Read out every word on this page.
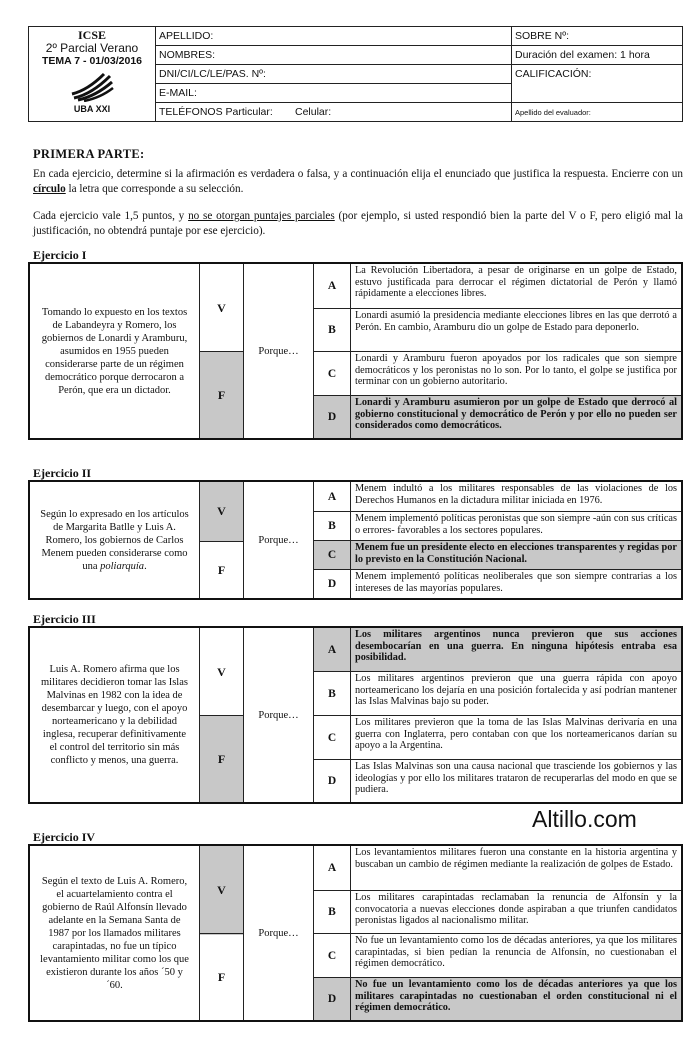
ICSE
2º Parcial Verano
TEMA 7 - 01/03/2016
UBA XXI	APELLIDO:		SOBRE Nº:
	NOMBRES:		Duración del examen: 1 hora
	DNI/CI/LC/LE/PAS. Nº:		CALIFICACIÓN:
	E-MAIL:		
	TELÉFONOS Particular:	Celular:	Apellido del evaluador:
PRIMERA PARTE:
En cada ejercicio, determine si la afirmación es verdadera o falsa, y a continuación elija el enunciado que justifica la respuesta. Encierre con un círculo la letra que corresponde a su selección.
Cada ejercicio vale 1,5 puntos, y no se otorgan puntajes parciales (por ejemplo, si usted respondió bien la parte del V o F, pero eligió mal la justificación, no obtendrá puntaje por ese ejercicio).
Ejercicio I
Tomando lo expuesto en los textos de Labandeyra y Romero, los gobiernos de Lonardi y Aramburu, asumidos en 1955 pueden considerarse parte de un régimen democrático porque derrocaron a Perón, que era un dictador.
V
F
Porque…
A
La Revolución Libertadora, a pesar de originarse en un golpe de Estado, estuvo justificada para derrocar el régimen dictatorial de Perón y llamó rápidamente a elecciones libres.
B
Lonardi asumió la presidencia mediante elecciones libres en las que derrotó a Perón. En cambio, Aramburu dio un golpe de Estado para deponerlo.
C
Lonardi y Aramburu fueron apoyados por los radicales que son siempre democráticos y los peronistas no lo son. Por lo tanto, el golpe se justifica por terminar con un gobierno autoritario.
D
Lonardi y Aramburu asumieron por un golpe de Estado que derrocó al gobierno constitucional y democrático de Perón y por ello no pueden ser considerados como democráticos.
Ejercicio II
Según lo expresado en los artículos de Margarita Batlle y Luis A. Romero, los gobiernos de Carlos Menem pueden considerarse como una poliarquía.
V
F
Porque…
A
Menem indultó a los militares responsables de las violaciones de los Derechos Humanos en la dictadura militar iniciada en 1976.
B
Menem implementó políticas peronistas que son siempre -aún con sus críticas o errores- favorables a los sectores populares.
C
Menem fue un presidente electo en elecciones transparentes y regidas por lo previsto en la Constitución Nacional.
D
Menem implementó políticas neoliberales que son siempre contrarias a los intereses de las mayorías populares.
Ejercicio III
Luis A. Romero afirma que los militares decidieron tomar las Islas Malvinas en 1982 con la idea de desembarcar y luego, con el apoyo norteamericano y la debilidad inglesa, recuperar definitivamente el control del territorio sin más conflicto y menos, una guerra.
V
F
Porque…
A
Los militares argentinos nunca previeron que sus acciones desembocarían en una guerra. En ninguna hipótesis entraba esa posibilidad.
B
Los militares argentinos previeron que una guerra rápida con apoyo norteamericano los dejaría en una posición fortalecida y así podrían mantener las Islas Malvinas bajo su poder.
C
Los militares previeron que la toma de las Islas Malvinas derivaría en una guerra con Inglaterra, pero contaban con que los norteamericanos darían su apoyo a la Argentina.
D
Las Islas Malvinas son una causa nacional que trasciende los gobiernos y las ideologías y por ello los militares trataron de recuperarlas del modo en que se pudiera.
Altillo.com
Ejercicio IV
Según el texto de Luis A. Romero, el acuartelamiento contra el gobierno de Raúl Alfonsín llevado adelante en la Semana Santa de 1987 por los llamados militares carapintadas, no fue un típico levantamiento militar como los que existieron durante los años ´50 y ´60.
V
F
Porque…
A
Los levantamientos militares fueron una constante en la historia argentina y buscaban un cambio de régimen mediante la realización de golpes de Estado.
B
Los militares carapintadas reclamaban la renuncia de Alfonsín y la convocatoria a nuevas elecciones donde aspiraban a que triunfen candidatos peronistas ligados al nacionalismo militar.
C
No fue un levantamiento como los de décadas anteriores, ya que los militares carapintadas, si bien pedían la renuncia de Alfonsín, no cuestionaban el régimen democrático.
D
No fue un levantamiento como los de décadas anteriores ya que los militares carapintadas no cuestionaban el orden constitucional ni el régimen democrático.
